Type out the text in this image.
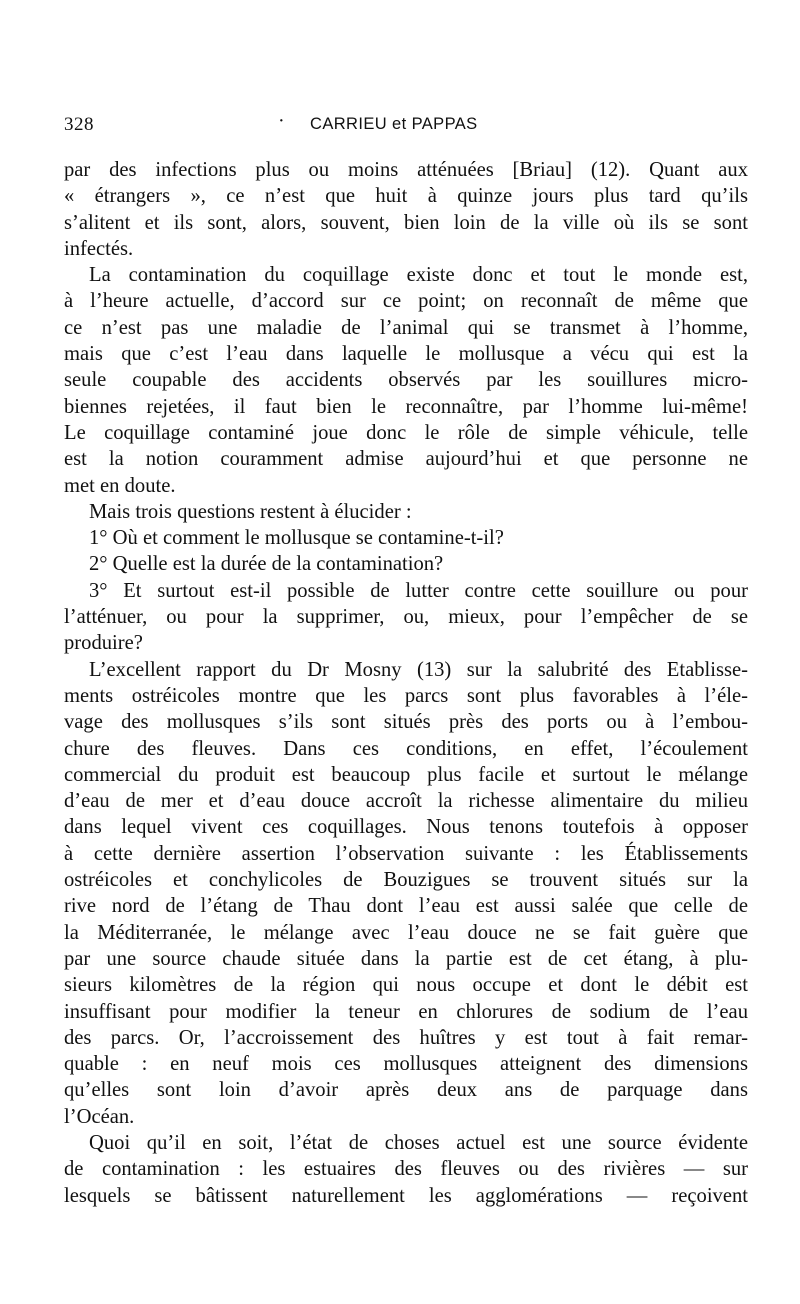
328	· CARRIEU et PAPPAS
par des infections plus ou moins atténuées [Briau] (12). Quant aux
« étrangers », ce n’est que huit à quinze jours plus tard qu’ils
s’alitent et ils sont, alors, souvent, bien loin de la ville où ils se sont
infectés.
La contamination du coquillage existe donc et tout le monde est,
à l’heure actuelle, d’accord sur ce point; on reconnaît de même que
ce n’est pas une maladie de l’animal qui se transmet à l’homme,
mais que c’est l’eau dans laquelle le mollusque a vécu qui est la
seule coupable des accidents observés par les souillures micro-
biennes rejetées, il faut bien le reconnaître, par l’homme lui-même!
Le coquillage contaminé joue donc le rôle de simple véhicule, telle
est la notion couramment admise aujourd’hui et que personne ne
met en doute.
Mais trois questions restent à élucider :
1° Où et comment le mollusque se contamine-t-il?
2° Quelle est la durée de la contamination?
3° Et surtout est-il possible de lutter contre cette souillure ou pour
l’atténuer, ou pour la supprimer, ou, mieux, pour l’empêcher de se
produire?
L’excellent rapport du Dr Mosny (13) sur la salubrité des Etablisse-
ments ostréicoles montre que les parcs sont plus favorables à l’éle-
vage des mollusques s’ils sont situés près des ports ou à l’embou-
chure des fleuves. Dans ces conditions, en effet, l’écoulement
commercial du produit est beaucoup plus facile et surtout le mélange
d’eau de mer et d’eau douce accroît la richesse alimentaire du milieu
dans lequel vivent ces coquillages. Nous tenons toutefois à opposer
à cette dernière assertion l’observation suivante : les Établissements
ostréicoles et conchylicoles de Bouzigues se trouvent situés sur la
rive nord de l’étang de Thau dont l’eau est aussi salée que celle de
la Méditerranée, le mélange avec l’eau douce ne se fait guère que
par une source chaude située dans la partie est de cet étang, à plu-
sieurs kilomètres de la région qui nous occupe et dont le débit est
insuffisant pour modifier la teneur en chlorures de sodium de l’eau
des parcs. Or, l’accroissement des huîtres y est tout à fait remar-
quable : en neuf mois ces mollusques atteignent des dimensions
qu’elles sont loin d’avoir après deux ans de parquage dans
l’Océan.
Quoi qu’il en soit, l’état de choses actuel est une source évidente
de contamination : les estuaires des fleuves ou des rivières — sur
lesquels se bâtissent naturellement les agglomérations — reçoivent
